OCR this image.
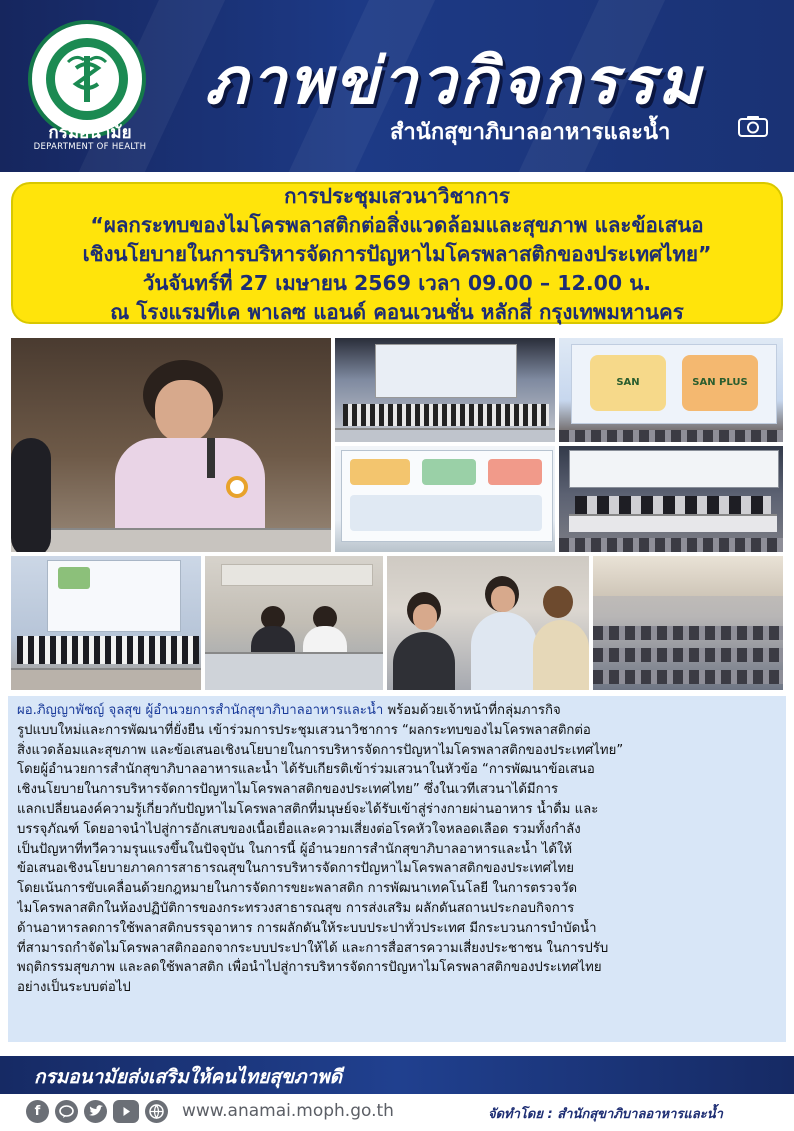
กรมอนามัย
DEPARTMENT OF HEALTH
ภาพข่าวกิจกรรม
สำนักสุขาภิบาลอาหารและน้ำ
การประชุมเสวนาวิชาการ
“ผลกระทบของไมโครพลาสติกต่อสิ่งแวดล้อมและสุขภาพ และข้อเสนอ
เชิงนโยบายในการบริหารจัดการปัญหาไมโครพลาสติกของประเทศไทย”
วันจันทร์ที่ 27 เมษายน 2569 เวลา 09.00 – 12.00 น.
ณ โรงแรมทีเค พาเลซ แอนด์ คอนเวนชั่น หลักสี่ กรุงเทพมหานคร
SAN	SAN PLUS
ผอ.ภิญญาพัชญ์ จุลสุข ผู้อำนวยการสำนักสุขาภิบาลอาหารและน้ำ พร้อมด้วยเจ้าหน้าที่กลุ่มภารกิจ
รูปแบบใหม่และการพัฒนาที่ยั่งยืน เข้าร่วมการประชุมเสวนาวิชาการ “ผลกระทบของไมโครพลาสติกต่อ
สิ่งแวดล้อมและสุขภาพ และข้อเสนอเชิงนโยบายในการบริหารจัดการปัญหาไมโครพลาสติกของประเทศไทย”
โดยผู้อำนวยการสำนักสุขาภิบาลอาหารและน้ำ ได้รับเกียรติเข้าร่วมเสวนาในหัวข้อ “การพัฒนาข้อเสนอ
เชิงนโยบายในการบริหารจัดการปัญหาไมโครพลาสติกของประเทศไทย” ซึ่งในเวทีเสวนาได้มีการ
แลกเปลี่ยนองค์ความรู้เกี่ยวกับปัญหาไมโครพลาสติกที่มนุษย์จะได้รับเข้าสู่ร่างกายผ่านอาหาร น้ำดื่ม และ
บรรจุภัณฑ์ โดยอาจนำไปสู่การอักเสบของเนื้อเยื่อและความเสี่ยงต่อโรคหัวใจหลอดเลือด รวมทั้งกำลัง
เป็นปัญหาที่ทวีความรุนแรงขึ้นในปัจจุบัน ในการนี้ ผู้อำนวยการสำนักสุขาภิบาลอาหารและน้ำ ได้ให้
ข้อเสนอเชิงนโยบายภาคการสาธารณสุขในการบริหารจัดการปัญหาไมโครพลาสติกของประเทศไทย
โดยเน้นการขับเคลื่อนด้วยกฎหมายในการจัดการขยะพลาสติก การพัฒนาเทคโนโลยี ในการตรวจวัด
ไมโครพลาสติกในห้องปฏิบัติการของกระทรวงสาธารณสุข การส่งเสริม ผลักดันสถานประกอบกิจการ
ด้านอาหารลดการใช้พลาสติกบรรจุอาหาร การผลักดันให้ระบบประปาทั่วประเทศ มีกระบวนการบำบัดน้ำ
ที่สามารถกำจัดไมโครพลาสติกออกจากระบบประปาให้ได้ และการสื่อสารความเสี่ยงประชาชน ในการปรับ
พฤติกรรมสุขภาพ และลดใช้พลาสติก เพื่อนำไปสู่การบริหารจัดการปัญหาไมโครพลาสติกของประเทศไทย
อย่างเป็นระบบต่อไป
กรมอนามัยส่งเสริมให้คนไทยสุขภาพดี
f	www.anamai.moph.go.th	จัดทำโดย : สำนักสุขาภิบาลอาหารและน้ำ
